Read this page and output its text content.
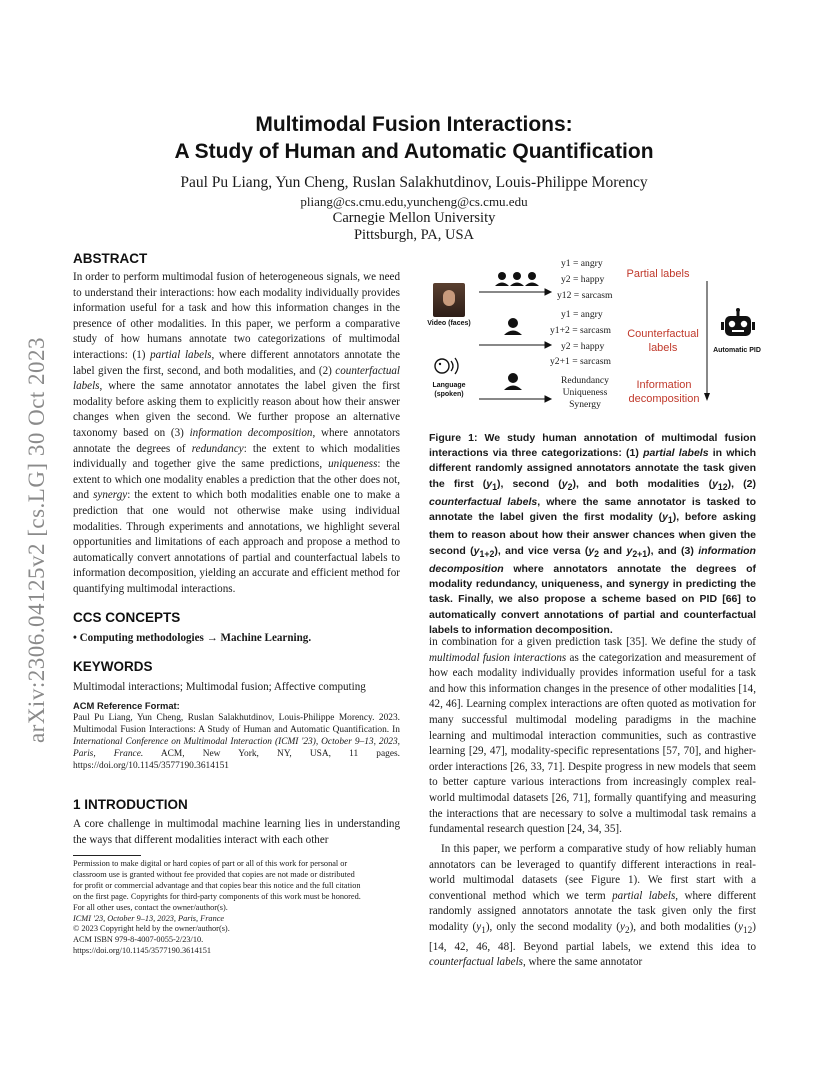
arXiv:2306.04125v2 [cs.LG] 30 Oct 2023
Multimodal Fusion Interactions:
A Study of Human and Automatic Quantification
Paul Pu Liang, Yun Cheng, Ruslan Salakhutdinov, Louis-Philippe Morency
pliang@cs.cmu.edu,yuncheng@cs.cmu.edu
Carnegie Mellon University
Pittsburgh, PA, USA
ABSTRACT
In order to perform multimodal fusion of heterogeneous signals, we need to understand their interactions: how each modality individually provides information useful for a task and how this information changes in the presence of other modalities. In this paper, we perform a comparative study of how humans annotate two categorizations of multimodal interactions: (1) partial labels, where different annotators annotate the label given the first, second, and both modalities, and (2) counterfactual labels, where the same annotator annotates the label given the first modality before asking them to explicitly reason about how their answer changes when given the second. We further propose an alternative taxonomy based on (3) information decomposition, where annotators annotate the degrees of redundancy: the extent to which modalities individually and together give the same predictions, uniqueness: the extent to which one modality enables a prediction that the other does not, and synergy: the extent to which both modalities enable one to make a prediction that one would not otherwise make using individual modalities. Through experiments and annotations, we highlight several opportunities and limitations of each approach and propose a method to automatically convert annotations of partial and counterfactual labels to information decomposition, yielding an accurate and efficient method for quantifying multimodal interactions.
CCS CONCEPTS
• Computing methodologies → Machine Learning.
KEYWORDS
Multimodal interactions; Multimodal fusion; Affective computing
ACM Reference Format:
Paul Pu Liang, Yun Cheng, Ruslan Salakhutdinov, Louis-Philippe Morency. 2023. Multimodal Fusion Interactions: A Study of Human and Automatic Quantification. In International Conference on Multimodal Interaction (ICMI '23), October 9–13, 2023, Paris, France. ACM, New York, NY, USA, 11 pages. https://doi.org/10.1145/3577190.3614151
1 INTRODUCTION
A core challenge in multimodal machine learning lies in understanding the ways that different modalities interact with each other
Permission to make digital or hard copies of part or all of this work for personal or
classroom use is granted without fee provided that copies are not made or distributed
for profit or commercial advantage and that copies bear this notice and the full citation
on the first page. Copyrights for third-party components of this work must be honored.
For all other uses, contact the owner/author(s).
ICMI '23, October 9–13, 2023, Paris, France
© 2023 Copyright held by the owner/author(s).
ACM ISBN 979-8-4007-0055-2/23/10.
https://doi.org/10.1145/3577190.3614151
Video (faces)
Language (spoken)
y1 = angry
y2 = happy
y12 = sarcasm
Partial labels
y1 = angry
y1+2 = sarcasm
y2 = happy
y2+1 = sarcasm
Counterfactual labels
Redundancy
Uniqueness
Synergy
Information decomposition
Automatic PID
Figure 1: We study human annotation of multimodal fusion interactions via three categorizations: (1) partial labels in which different randomly assigned annotators annotate the task given the first $(y_1)$, second $(y_2)$, and both modalities $(y_{12})$, (2) counterfactual labels, where the same annotator is tasked to annotate the label given the first modality $(y_1)$, before asking them to reason about how their answer chances when given the second $(y_{1+2})$, and vice versa ($y_2$ and $y_{2+1}$), and (3) information decomposition where annotators annotate the degrees of modality redundancy, uniqueness, and synergy in predicting the task. Finally, we also propose a scheme based on PID [66] to automatically convert annotations of partial and counterfactual labels to information decomposition.
in combination for a given prediction task [35]. We define the study of multimodal fusion interactions as the categorization and measurement of how each modality individually provides information useful for a task and how this information changes in the presence of other modalities [14, 42, 46]. Learning complex interactions are often quoted as motivation for many successful multimodal modeling paradigms in the machine learning and multimodal interaction communities, such as contrastive learning [29, 47], modality-specific representations [57, 70], and higher-order interactions [26, 33, 71]. Despite progress in new models that seem to better capture various interactions from increasingly complex real-world multimodal datasets [26, 71], formally quantifying and measuring the interactions that are necessary to solve a multimodal task remains a fundamental research question [24, 34, 35].
In this paper, we perform a comparative study of how reliably human annotators can be leveraged to quantify different interactions in real-world multimodal datasets (see Figure 1). We first start with a conventional method which we term partial labels, where different randomly assigned annotators annotate the task given only the first modality $(y_1)$, only the second modality $(y_2)$, and both modalities $(y_{12})$ [14, 42, 46, 48]. Beyond partial labels, we extend this idea to counterfactual labels, where the same annotator
